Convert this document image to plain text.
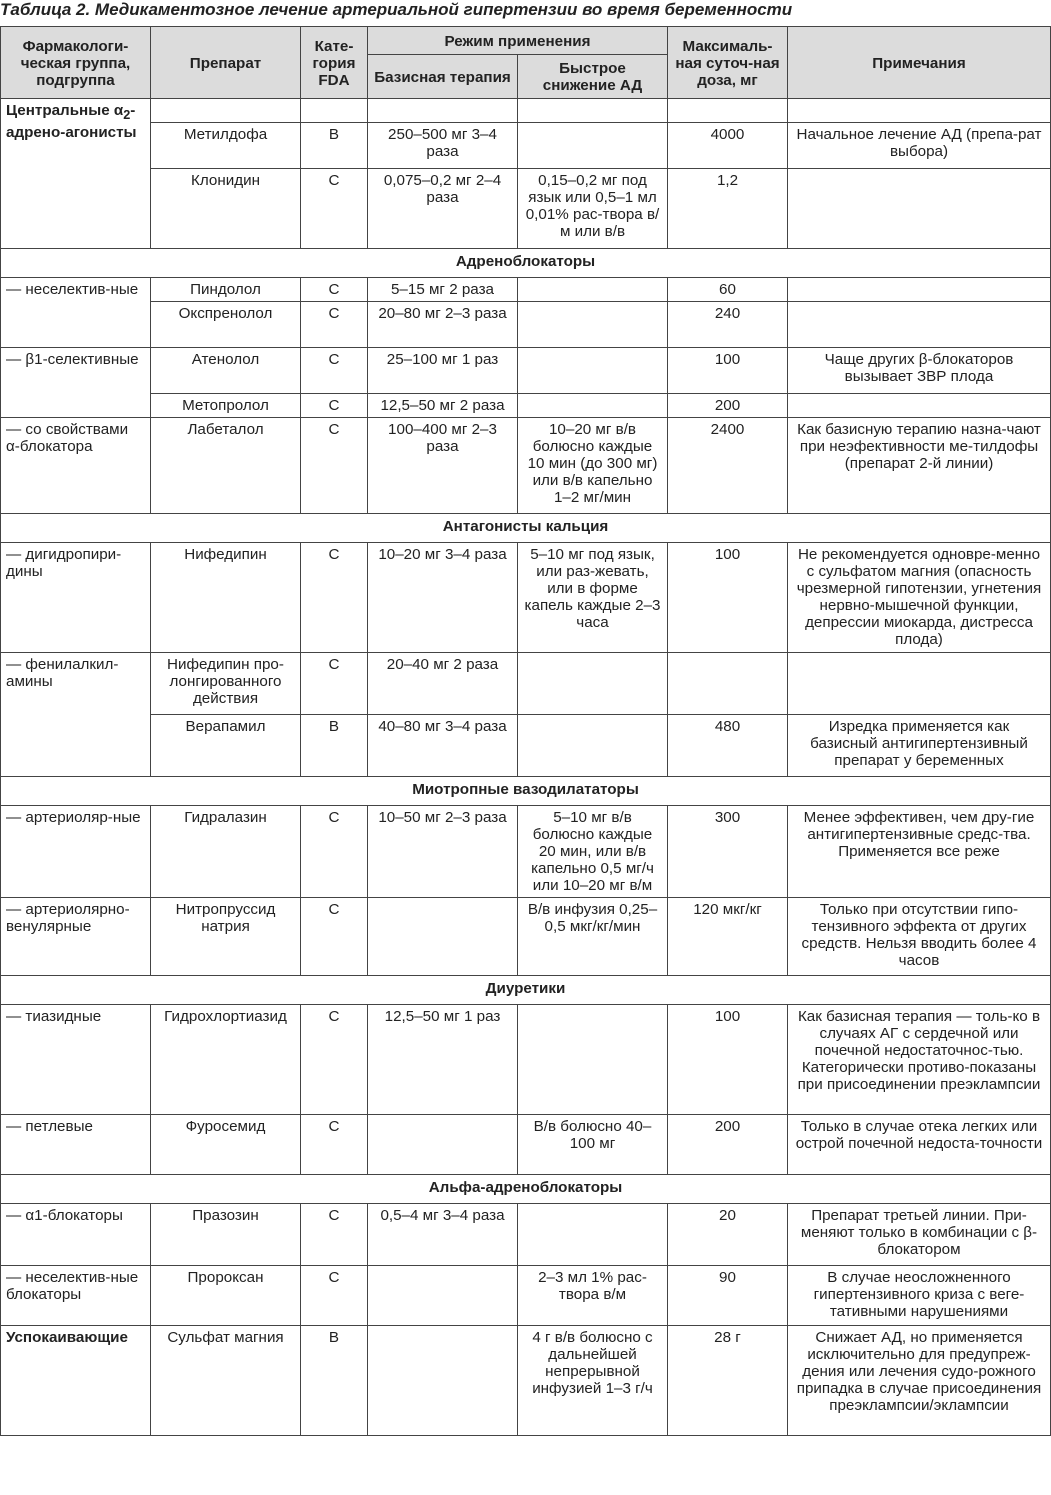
Таблица 2. Медикаментозное лечение артериальной гипертензии во время беременности
Фармакологи-ческая группа, подгруппа	Препарат	Кате-гория FDA	Режим применения		Максималь-ная суточ-ная доза, мг	Примечания
			Базисная терапия	Быстрое снижение АД		
Центральные $\alpha_2-адрено$-агонисты						
	Метилдофа	B	250–500 мг 3–4 раза		4000	Начальное лечение АД (препа-рат выбора)
	Клонидин	C	0,075–0,2 мг 2–4 раза	0,15–0,2 мг под язык или 0,5–1 мл 0,01% рас-твора в/м или в/в	1,2	
Адреноблокаторы						
— неселектив-ные	Пиндолол	C	5–15 мг 2 раза		60	
	Окспренолол	C	20–80 мг 2–3 раза		240	
— β1-селективные	Атенолол	C	25–100 мг 1 раз		100	Чаще других β-блокаторов вызывает ЗВР плода
	Метопролол	C	12,5–50 мг 2 раза		200	
— со свойствами α-блокатора	Лабеталол	C	100–400 мг 2–3 раза	10–20 мг в/в болюсно каждые 10 мин (до 300 мг) или в/в капельно 1–2 мг/мин	2400	Как базисную терапию назна-чают при неэфективности ме-тилдофы (препарат 2-й линии)
Антагонисты кальция						
— дигидропири-дины	Нифедипин	C	10–20 мг 3–4 раза	5–10 мг под язык, или раз-жевать, или в форме капель каждые 2–3 часа	100	Не рекомендуется одновре-менно с сульфатом магния (опасность чрезмерной гипотензии, угнетения нервно-мышечной функции, депрессии миокарда, дистресса плода)
— фенилалкил-амины	Нифедипин про-лонгированного действия	C	20–40 мг 2 раза			
	Верапамил	B	40–80 мг 3–4 раза		480	Изредка применяется как базисный антигипертензивный препарат у беременных
Миотропные вазодилататоры						
— артериоляр-ные	Гидралазин	C	10–50 мг 2–3 раза	5–10 мг в/в болюсно каждые 20 мин, или в/в капельно 0,5 мг/ч или 10–20 мг в/м	300	Менее эффективен, чем дру-гие антигипертензивные средс-тва. Применяется все реже
— артериолярно-венулярные	Нитропруссид натрия	C		В/в инфузия 0,25–0,5 мкг/кг/мин	120 мкг/кг	Только при отсутствии гипо-тензивного эффекта от других средств. Нельзя вводить более 4 часов
Диуретики						
— тиазидные	Гидрохлортиазид	C	12,5–50 мг 1 раз		100	Как базисная терапия — толь-ко в случаях АГ с сердечной или почечной недостаточнос-тью. Категорически противо-показаны при присоединении преэклампсии
— петлевые	Фуросемид	C		В/в болюсно 40–100 мг	200	Только в случае отека легких или острой почечной недоста-точности
Альфа-адреноблокаторы						
— α1-блокаторы	Празозин	C	0,5–4 мг 3–4 раза		20	Препарат третьей линии. При-меняют только в комбинации с β-блокатором
— неселектив-ные блокаторы	Пророксан	C		2–3 мл 1% рас-твора в/м	90	В случае неосложненного гипертензивного криза с веге-тативными нарушениями
Успокаивающие	Сульфат магния	B		4 г в/в болюсно с дальнейшей непрерывной инфузией 1–3 г/ч	28 г	Снижает АД, но применяется исключительно для предупреж-дения или лечения судо-рожного припадка в случае присоединения преэклампсии/эклампсии
